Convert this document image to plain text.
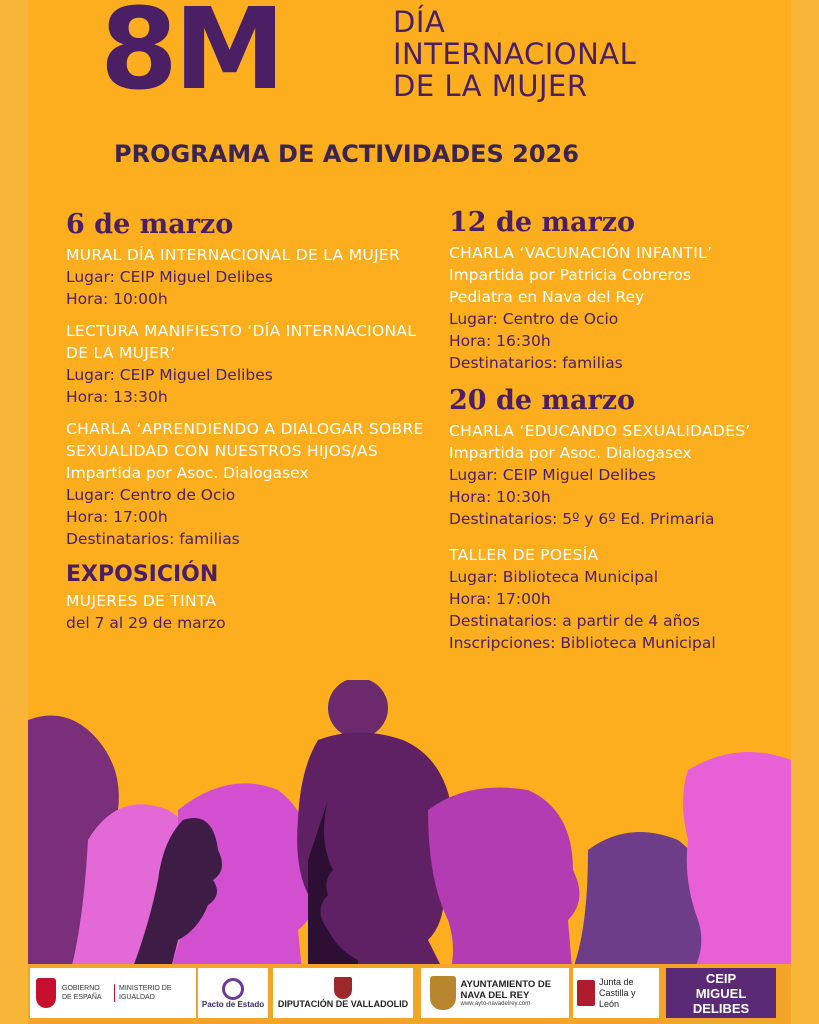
8M	DÍA
INTERNACIONAL
DE LA MUJER
PROGRAMA DE ACTIVIDADES 2026
6 de marzo
MURAL DÍA INTERNACIONAL DE LA MUJER
Lugar: CEIP Miguel Delibes
Hora: 10:00h
LECTURA MANIFIESTO ‘DÍA INTERNACIONAL DE LA MUJER’
Lugar: CEIP Miguel Delibes
Hora: 13:30h
CHARLA ‘APRENDIENDO A DIALOGAR SOBRE SEXUALIDAD CON NUESTROS HIJOS/AS
Impartida por Asoc. Dialogasex
Lugar: Centro de Ocio
Hora: 17:00h
Destinatarios: familias
EXPOSICIÓN
MUJERES DE TINTA
del 7 al 29 de marzo
12 de marzo
CHARLA ‘VACUNACIÓN INFANTIL’
Impartida por Patricia Cobreros
Pediatra en Nava del Rey
Lugar: Centro de Ocio
Hora: 16:30h
Destinatarios: familias
20 de marzo
CHARLA ‘EDUCANDO SEXUALIDADES’
Impartida por Asoc. Dialogasex
Lugar: CEIP Miguel Delibes
Hora: 10:30h
Destinatarios: 5º y 6º Ed. Primaria
TALLER DE POESÍA
Lugar: Biblioteca Municipal
Hora: 17:00h
Destinatarios: a partir de 4 años
Inscripciones: Biblioteca Municipal
GOBIERNO DE ESPAÑA
MINISTERIO DE IGUALDAD
Pacto de Estado DIPUTACIÓN DE VALLADOLID
AYUNTAMIENTO DE NAVA DEL REY
www.ayto-navadelrey.com
Junta de Castilla y León
CEIP MIGUEL DELIBES
